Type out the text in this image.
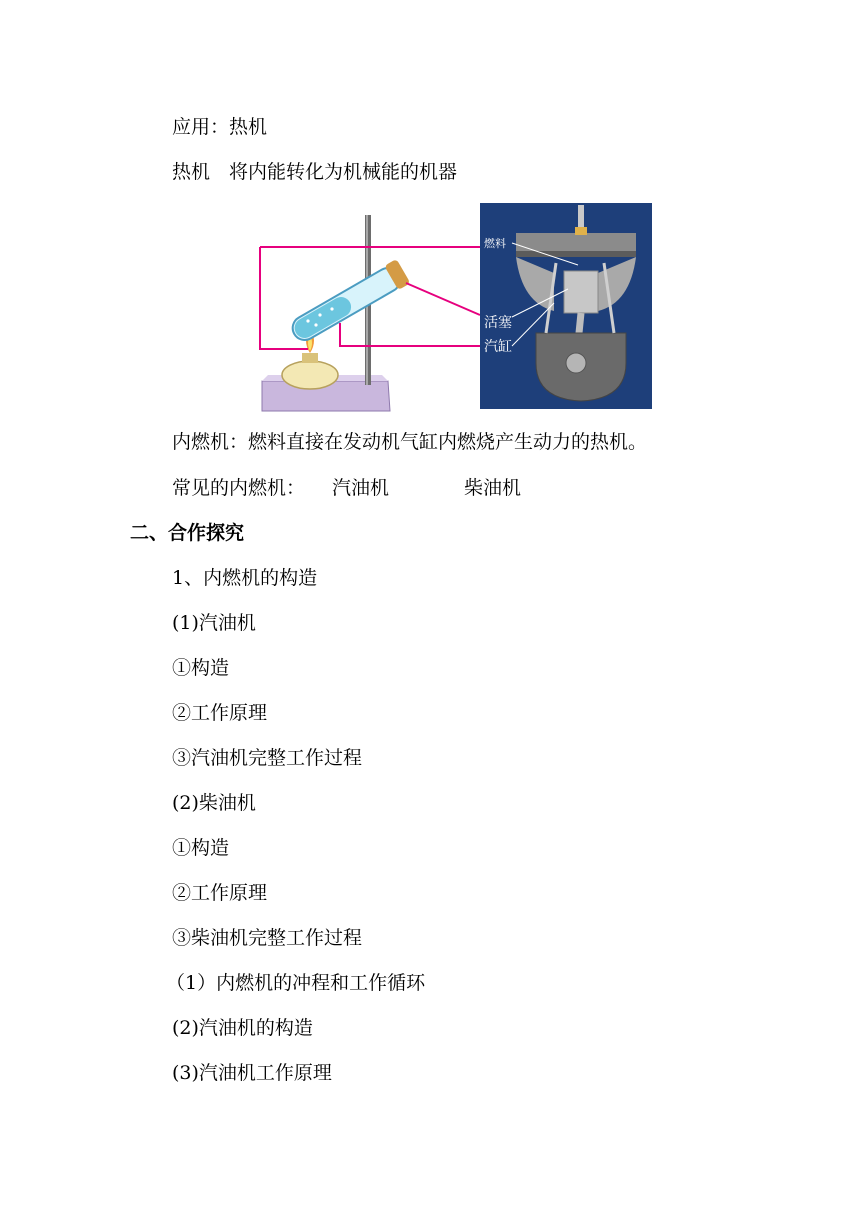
应用：热机
热机　将内能转化为机械能的机器
燃料
活塞
汽缸
内燃机：燃料直接在发动机气缸内燃烧产生动力的热机。
常见的内燃机： 汽油机	柴油机
二、合作探究
1、内燃机的构造
(1)汽油机
①构造
②工作原理
③汽油机完整工作过程
(2)柴油机
①构造
②工作原理
③柴油机完整工作过程
（1）内燃机的冲程和工作循环
(2)汽油机的构造
(3)汽油机工作原理
